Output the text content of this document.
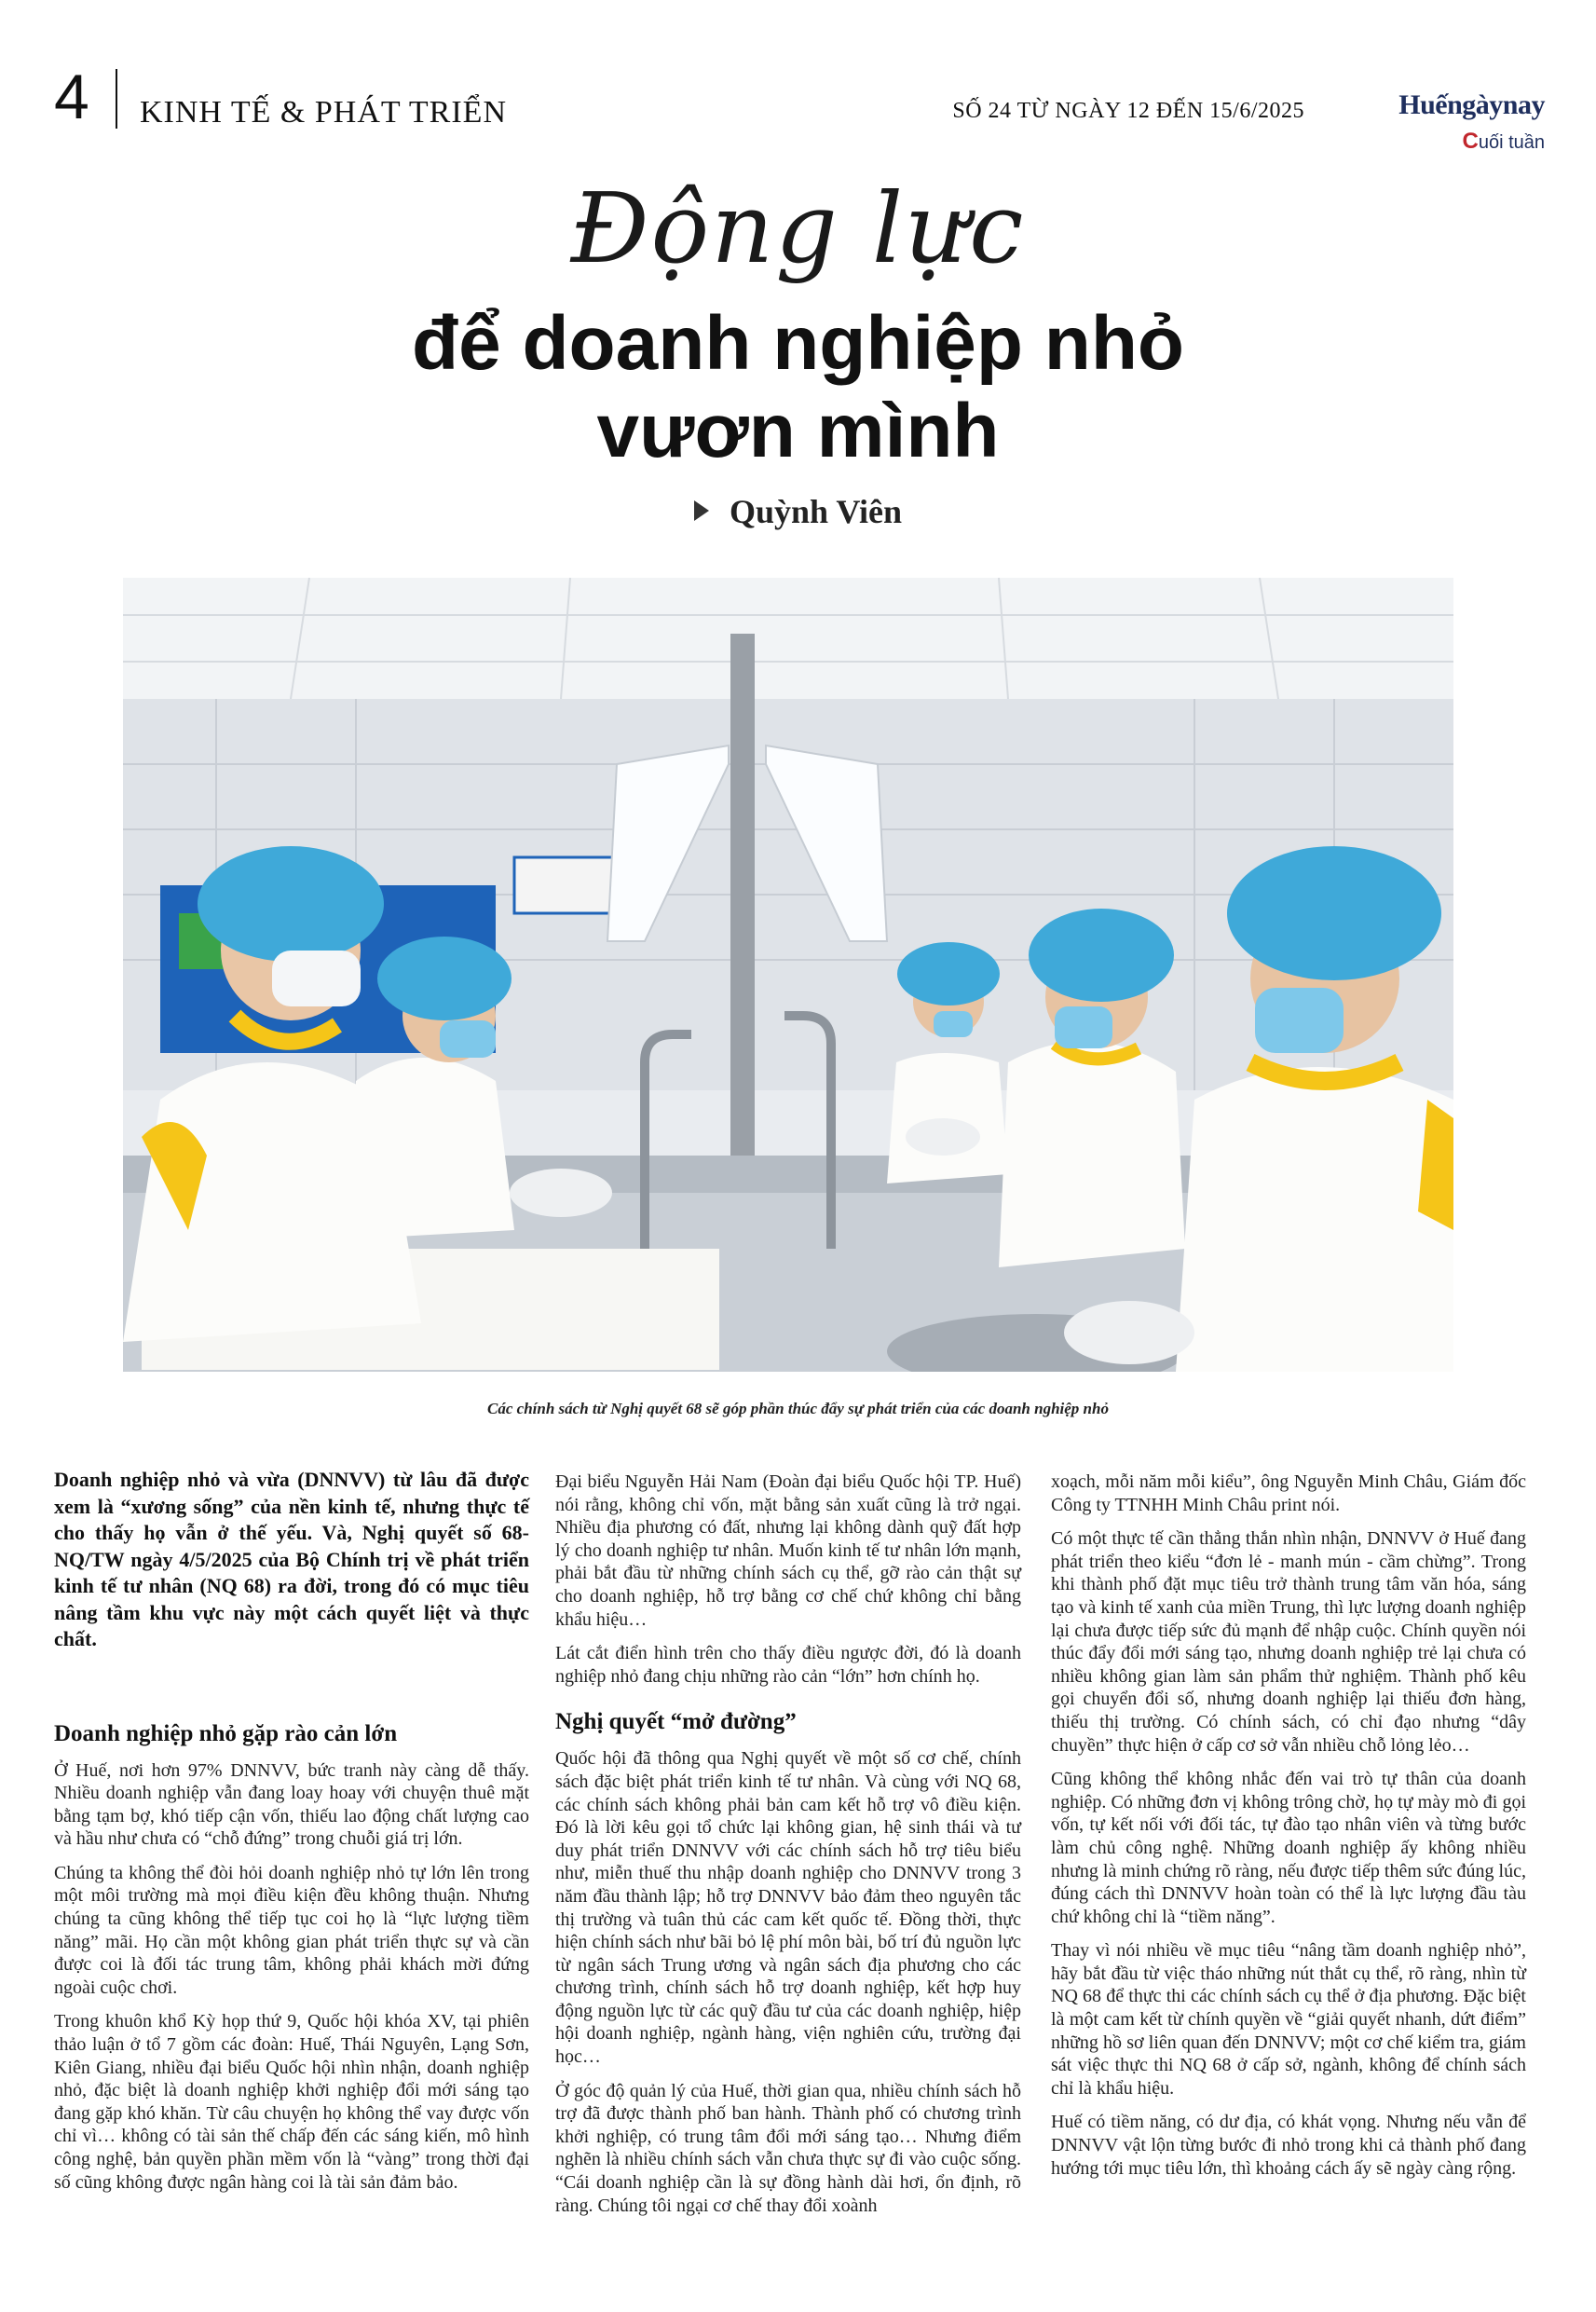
4 KINH TẾ & PHÁT TRIỂN	SỐ 24 TỪ NGÀY 12 ĐẾN 15/6/2025	Huếngàynay
Cuối tuần
Động lực
để doanh nghiệp nhỏ
vươn mình
Quỳnh Viên
Các chính sách từ Nghị quyết 68 sẽ góp phần thúc đẩy sự phát triển của các doanh nghiệp nhỏ

Doanh nghiệp nhỏ và vừa (DNNVV) từ lâu đã được xem là “xương sống” của nền kinh tế, nhưng thực tế cho thấy họ vẫn ở thế yếu. Và, Nghị quyết số 68-NQ/TW ngày 4/5/2025 của Bộ Chính trị về phát triển kinh tế tư nhân (NQ 68) ra đời, trong đó có mục tiêu nâng tầm khu vực này một cách quyết liệt và thực chất.

Doanh nghiệp nhỏ gặp rào cản lớn

Ở Huế, nơi hơn 97% DNNVV, bức tranh này càng dễ thấy. Nhiều doanh nghiệp vẫn đang loay hoay với chuyện thuê mặt bằng tạm bợ, khó tiếp cận vốn, thiếu lao động chất lượng cao và hầu như chưa có “chỗ đứng” trong chuỗi giá trị lớn.

Chúng ta không thể đòi hỏi doanh nghiệp nhỏ tự lớn lên trong một môi trường mà mọi điều kiện đều không thuận. Nhưng chúng ta cũng không thể tiếp tục coi họ là “lực lượng tiềm năng” mãi. Họ cần một không gian phát triển thực sự và cần được coi là đối tác trung tâm, không phải khách mời đứng ngoài cuộc chơi.

Trong khuôn khổ Kỳ họp thứ 9, Quốc hội khóa XV, tại phiên thảo luận ở tổ 7 gồm các đoàn: Huế, Thái Nguyên, Lạng Sơn, Kiên Giang, nhiều đại biểu Quốc hội nhìn nhận, doanh nghiệp nhỏ, đặc biệt là doanh nghiệp khởi nghiệp đổi mới sáng tạo đang gặp khó khăn. Từ câu chuyện họ không thể vay được vốn chỉ vì… không có tài sản thế chấp đến các sáng kiến, mô hình công nghệ, bản quyền phần mềm vốn là “vàng” trong thời đại số cũng không được ngân hàng coi là tài sản đảm bảo.

Đại biểu Nguyễn Hải Nam (Đoàn đại biểu Quốc hội TP. Huế) nói rằng, không chỉ vốn, mặt bằng sản xuất cũng là trở ngại. Nhiều địa phương có đất, nhưng lại không dành quỹ đất hợp lý cho doanh nghiệp tư nhân. Muốn kinh tế tư nhân lớn mạnh, phải bắt đầu từ những chính sách cụ thể, gỡ rào cản thật sự cho doanh nghiệp, hỗ trợ bằng cơ chế chứ không chỉ bằng khẩu hiệu…

Lát cắt điển hình trên cho thấy điều ngược đời, đó là doanh nghiệp nhỏ đang chịu những rào cản “lớn” hơn chính họ.

Nghị quyết “mở đường”

Quốc hội đã thông qua Nghị quyết về một số cơ chế, chính sách đặc biệt phát triển kinh tế tư nhân. Và cùng với NQ 68, các chính sách không phải bản cam kết hỗ trợ vô điều kiện. Đó là lời kêu gọi tổ chức lại không gian, hệ sinh thái và tư duy phát triển DNNVV với các chính sách hỗ trợ tiêu biểu như, miễn thuế thu nhập doanh nghiệp cho DNNVV trong 3 năm đầu thành lập; hỗ trợ DNNVV bảo đảm theo nguyên tắc thị trường và tuân thủ các cam kết quốc tế. Đồng thời, thực hiện chính sách như bãi bỏ lệ phí môn bài, bố trí đủ nguồn lực từ ngân sách Trung ương và ngân sách địa phương cho các chương trình, chính sách hỗ trợ doanh nghiệp, kết hợp huy động nguồn lực từ các quỹ đầu tư của các doanh nghiệp, hiệp hội doanh nghiệp, ngành hàng, viện nghiên cứu, trường đại học…

Ở góc độ quản lý của Huế, thời gian qua, nhiều chính sách hỗ trợ đã được thành phố ban hành. Thành phố có chương trình khởi nghiệp, có trung tâm đổi mới sáng tạo… Nhưng điểm nghẽn là nhiều chính sách vẫn chưa thực sự đi vào cuộc sống. “Cái doanh nghiệp cần là sự đồng hành dài hơi, ổn định, rõ ràng. Chúng tôi ngại cơ chế thay đổi xoành

xoạch, mỗi năm mỗi kiểu”, ông Nguyễn Minh Châu, Giám đốc Công ty TTNHH Minh Châu print nói.

Có một thực tế cần thẳng thắn nhìn nhận, DNNVV ở Huế đang phát triển theo kiểu “đơn lẻ - manh mún - cầm chừng”. Trong khi thành phố đặt mục tiêu trở thành trung tâm văn hóa, sáng tạo và kinh tế xanh của miền Trung, thì lực lượng doanh nghiệp lại chưa được tiếp sức đủ mạnh để nhập cuộc. Chính quyền nói thúc đẩy đổi mới sáng tạo, nhưng doanh nghiệp trẻ lại chưa có nhiều không gian làm sản phẩm thử nghiệm. Thành phố kêu gọi chuyển đổi số, nhưng doanh nghiệp lại thiếu đơn hàng, thiếu thị trường. Có chính sách, có chỉ đạo nhưng “dây chuyền” thực hiện ở cấp cơ sở vẫn nhiều chỗ lỏng lẻo…

Cũng không thể không nhắc đến vai trò tự thân của doanh nghiệp. Có những đơn vị không trông chờ, họ tự mày mò đi gọi vốn, tự kết nối với đối tác, tự đào tạo nhân viên và từng bước làm chủ công nghệ. Những doanh nghiệp ấy không nhiều nhưng là minh chứng rõ ràng, nếu được tiếp thêm sức đúng lúc, đúng cách thì DNNVV hoàn toàn có thể là lực lượng đầu tàu chứ không chỉ là “tiềm năng”.

Thay vì nói nhiều về mục tiêu “nâng tầm doanh nghiệp nhỏ”, hãy bắt đầu từ việc tháo những nút thắt cụ thể, rõ ràng, nhìn từ NQ 68 để thực thi các chính sách cụ thể ở địa phương. Đặc biệt là một cam kết từ chính quyền về “giải quyết nhanh, dứt điểm” những hồ sơ liên quan đến DNNVV; một cơ chế kiểm tra, giám sát việc thực thi NQ 68 ở cấp sở, ngành, không để chính sách chỉ là khẩu hiệu.

Huế có tiềm năng, có dư địa, có khát vọng. Nhưng nếu vẫn để DNNVV vật lộn từng bước đi nhỏ trong khi cả thành phố đang hướng tới mục tiêu lớn, thì khoảng cách ấy sẽ ngày càng rộng.
